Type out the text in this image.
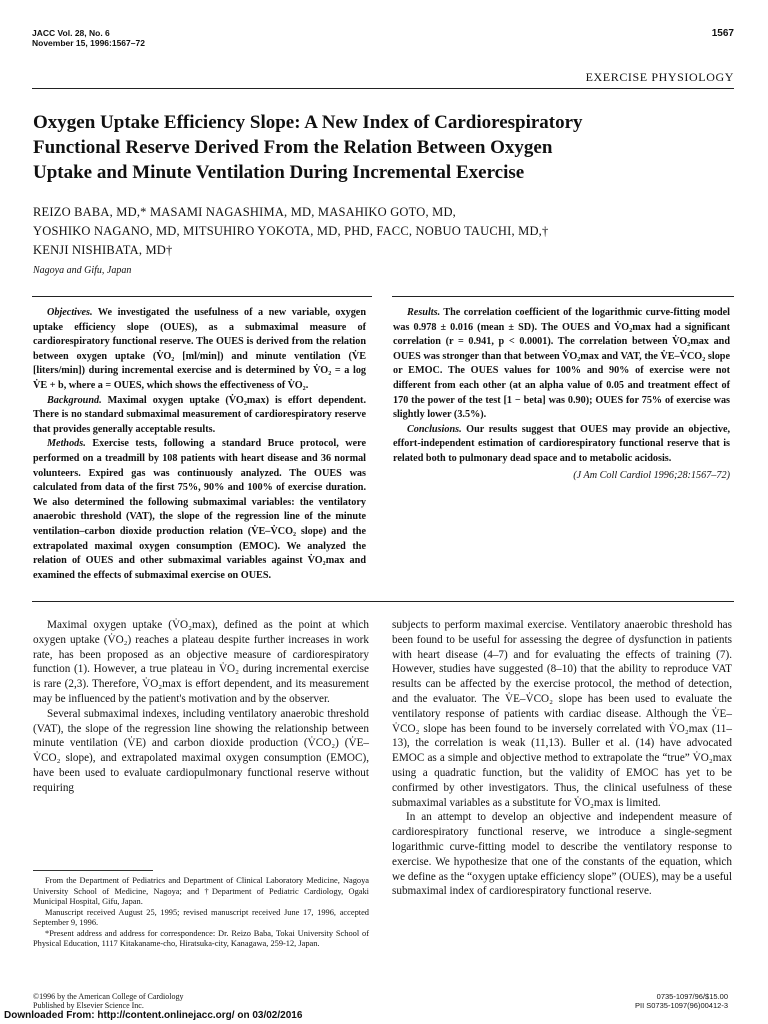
JACC Vol. 28, No. 6
November 15, 1996:1567–72
1567
EXERCISE PHYSIOLOGY
Oxygen Uptake Efficiency Slope: A New Index of Cardiorespiratory
Functional Reserve Derived From the Relation Between Oxygen
Uptake and Minute Ventilation During Incremental Exercise
REIZO BABA, MD,* MASAMI NAGASHIMA, MD, MASAHIKO GOTO, MD,
YOSHIKO NAGANO, MD, MITSUHIRO YOKOTA, MD, PHD, FACC, NOBUO TAUCHI, MD,†
KENJI NISHIBATA, MD†
Nagoya and Gifu, Japan

Objectives. We investigated the usefulness of a new variable, oxygen uptake efficiency slope (OUES), as a submaximal measure of cardiorespiratory functional reserve. The OUES is derived from the relation between oxygen uptake (V̇O₂ [ml/min]) and minute ventilation (V̇E [liters/min]) during incremental exercise and is determined by V̇O₂ = a log V̇E + b, where a = OUES, which shows the effectiveness of V̇O₂.

Background. Maximal oxygen uptake (V̇O₂max) is effort dependent. There is no standard submaximal measurement of cardiorespiratory reserve that provides generally acceptable results.

Methods. Exercise tests, following a standard Bruce protocol, were performed on a treadmill by 108 patients with heart disease and 36 normal volunteers. Expired gas was continuously analyzed. The OUES was calculated from data of the first 75%, 90% and 100% of exercise duration. We also determined the following submaximal variables: the ventilatory anaerobic threshold (VAT), the slope of the regression line of the minute ventilation–carbon dioxide production relation (V̇E–V̇CO₂ slope) and the extrapolated maximal oxygen consumption (EMOC). We analyzed the relation of OUES and other submaximal variables against V̇O₂max and examined the effects of submaximal exercise on OUES.

Results. The correlation coefficient of the logarithmic curve-fitting model was 0.978 ± 0.016 (mean ± SD). The OUES and V̇O₂max had a significant correlation (r = 0.941, p < 0.0001). The correlation between V̇O₂max and OUES was stronger than that between V̇O₂max and VAT, the V̇E–V̇CO₂ slope or EMOC. The OUES values for 100% and 90% of exercise were not different from each other (at an alpha value of 0.05 and treatment effect of 170 the power of the test [1 − beta] was 0.90); OUES for 75% of exercise was slightly lower (3.5%).

Conclusions. Our results suggest that OUES may provide an objective, effort-independent estimation of cardiorespiratory functional reserve that is related both to pulmonary dead space and to metabolic acidosis.

(J Am Coll Cardiol 1996;28:1567–72)

Maximal oxygen uptake (V̇O₂max), defined as the point at which oxygen uptake (V̇O₂) reaches a plateau despite further increases in work rate, has been proposed as an objective measure of cardiorespiratory function (1). However, a true plateau in V̇O₂ during incremental exercise is rare (2,3). Therefore, V̇O₂max is effort dependent, and its measurement may be influenced by the patient's motivation and by the observer.

Several submaximal indexes, including ventilatory anaerobic threshold (VAT), the slope of the regression line showing the relationship between minute ventilation (V̇E) and carbon dioxide production (V̇CO₂) (V̇E–V̇CO₂ slope), and extrapolated maximal oxygen consumption (EMOC), have been used to evaluate cardiopulmonary functional reserve without requiring

subjects to perform maximal exercise. Ventilatory anaerobic threshold has been found to be useful for assessing the degree of dysfunction in patients with heart disease (4–7) and for evaluating the effects of training (7). However, studies have suggested (8–10) that the ability to reproduce VAT results can be affected by the exercise protocol, the method of detection, and the evaluator. The V̇E–V̇CO₂ slope has been used to evaluate the ventilatory response of patients with cardiac disease. Although the V̇E–V̇CO₂ slope has been found to be inversely correlated with V̇O₂max (11–13), the correlation is weak (11,13). Buller et al. (14) have advocated EMOC as a simple and objective method to extrapolate the “true” V̇O₂max using a quadratic function, but the validity of EMOC has yet to be confirmed by other investigators. Thus, the clinical usefulness of these submaximal variables as a substitute for V̇O₂max is limited.

In an attempt to develop an objective and independent measure of cardiorespiratory functional reserve, we introduce a single-segment logarithmic curve-fitting model to describe the ventilatory response to exercise. We hypothesize that one of the constants of the equation, which we define as the “oxygen uptake efficiency slope” (OUES), may be a useful submaximal index of cardiorespiratory functional reserve.

From the Department of Pediatrics and Department of Clinical Laboratory Medicine, Nagoya University School of Medicine, Nagoya; and †Department of Pediatric Cardiology, Ogaki Municipal Hospital, Gifu, Japan.

Manuscript received August 25, 1995; revised manuscript received June 17, 1996, accepted September 9, 1996.

*Present address and address for correspondence: Dr. Reizo Baba, Tokai University School of Physical Education, 1117 Kitakaname-cho, Hiratsuka-city, Kanagawa, 259-12, Japan.

©1996 by the American College of Cardiology
Published by Elsevier Science Inc.
Downloaded From: http://content.onlinejacc.org/ on 03/02/2016
0735-1097/96/$15.00
PII S0735-1097(96)00412-3
